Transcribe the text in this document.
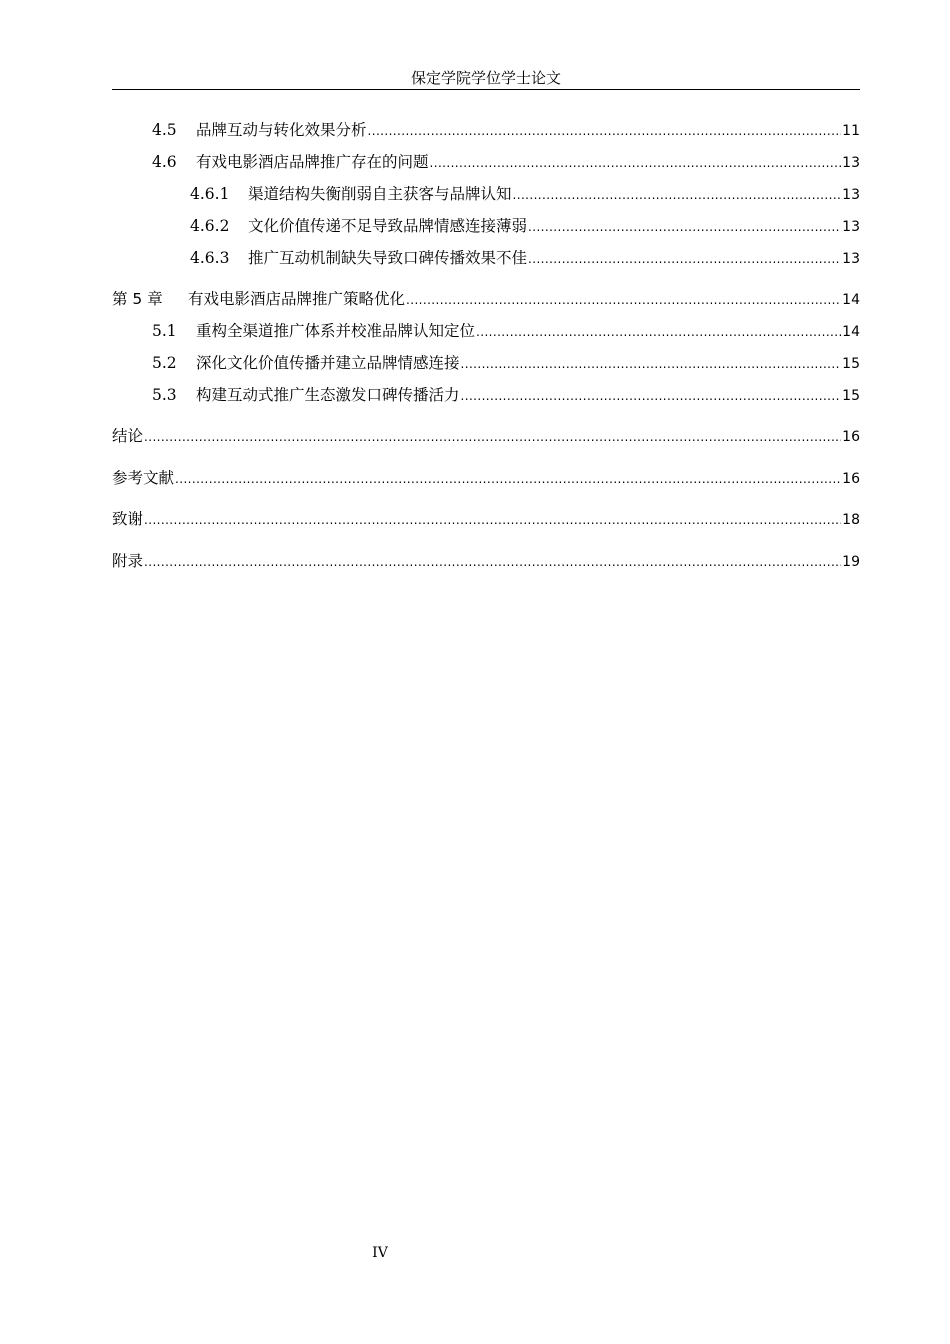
保定学院学位学士论文
4.5	品牌互动与转化效果分析 .....	11
4.6	有戏电影酒店品牌推广存在的问题 .....	13
4.6.1	渠道结构失衡削弱自主获客与品牌认知 .....	13
4.6.2	文化价值传递不足导致品牌情感连接薄弱 .....	13
4.6.3	推广互动机制缺失导致口碑传播效果不佳 .....	13
第 5 章	有戏电影酒店品牌推广策略优化 .....	14
5.1	重构全渠道推广体系并校准品牌认知定位 .....	14
5.2	深化文化价值传播并建立品牌情感连接 .....	15
5.3	构建互动式推广生态激发口碑传播活力 .....	15
结论 .....	16
参考文献 .....	16
致谢 .....	18
附录 .....	19
IV
